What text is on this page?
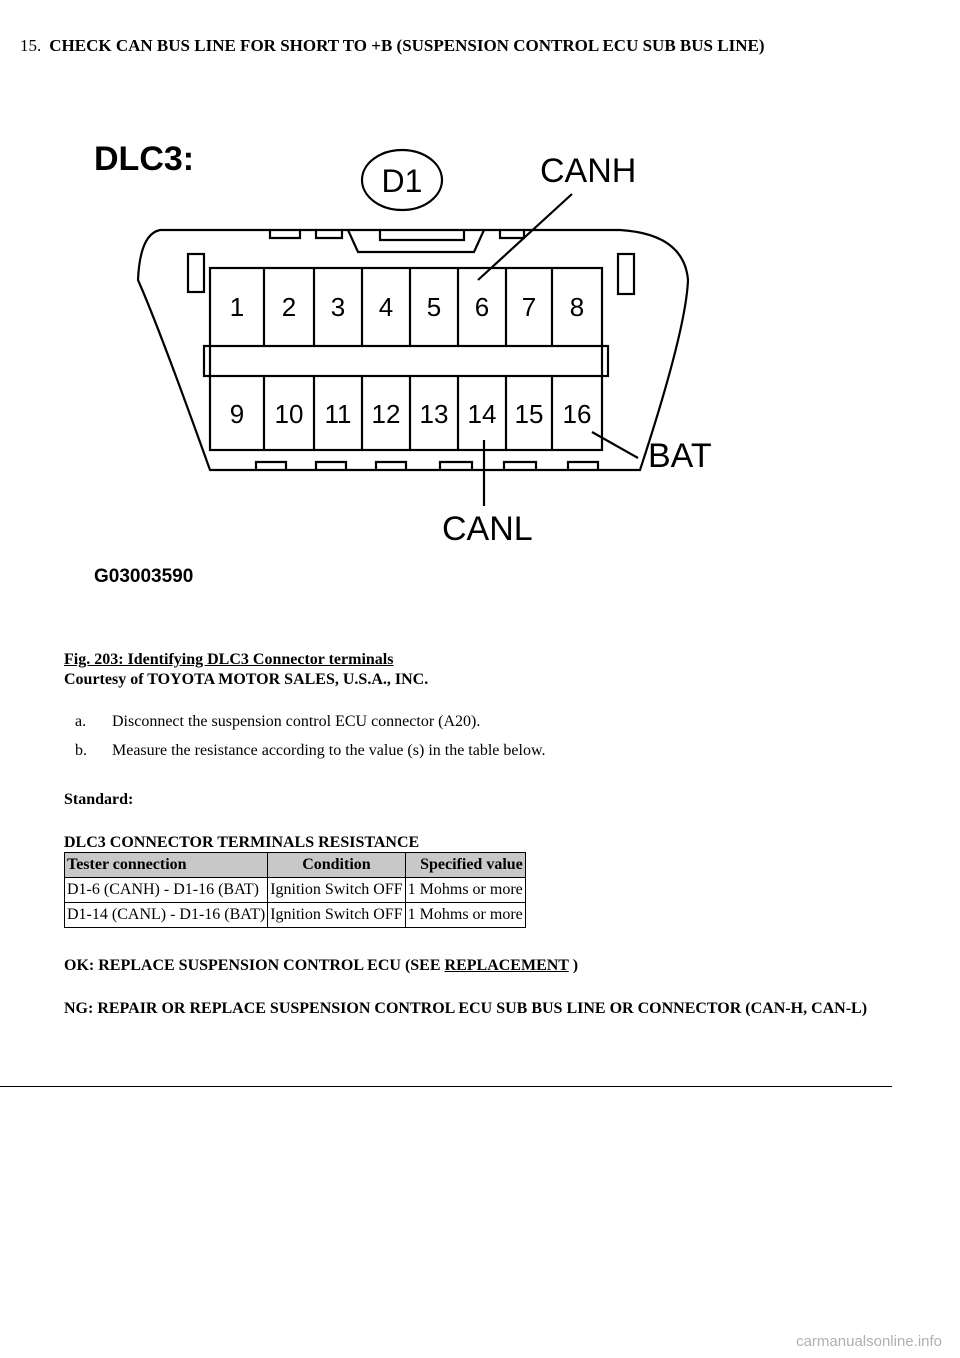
15. CHECK CAN BUS LINE FOR SHORT TO +B (SUSPENSION CONTROL ECU SUB BUS LINE)
DLC3:
D1	CANH
CANL
BAT
G03003590
1 2 3 4 5 6 7 8
9 10 11 12 13 14 15 16
Fig. 203: Identifying DLC3 Connector terminals
Courtesy of TOYOTA MOTOR SALES, U.S.A., INC.
a.	Disconnect the suspension control ECU connector (A20).
b.	Measure the resistance according to the value (s) in the table below.
Standard:
DLC3 CONNECTOR TERMINALS RESISTANCE
Tester connection	Condition	Specified value
D1-6 (CANH) - D1-16 (BAT)	Ignition Switch OFF	1 Mohms or more
D1-14 (CANL) - D1-16 (BAT)	Ignition Switch OFF	1 Mohms or more
OK: REPLACE SUSPENSION CONTROL ECU (SEE REPLACEMENT )
NG: REPAIR OR REPLACE SUSPENSION CONTROL ECU SUB BUS LINE OR CONNECTOR (CAN-H, CAN-L)
carmanualsonline.info
